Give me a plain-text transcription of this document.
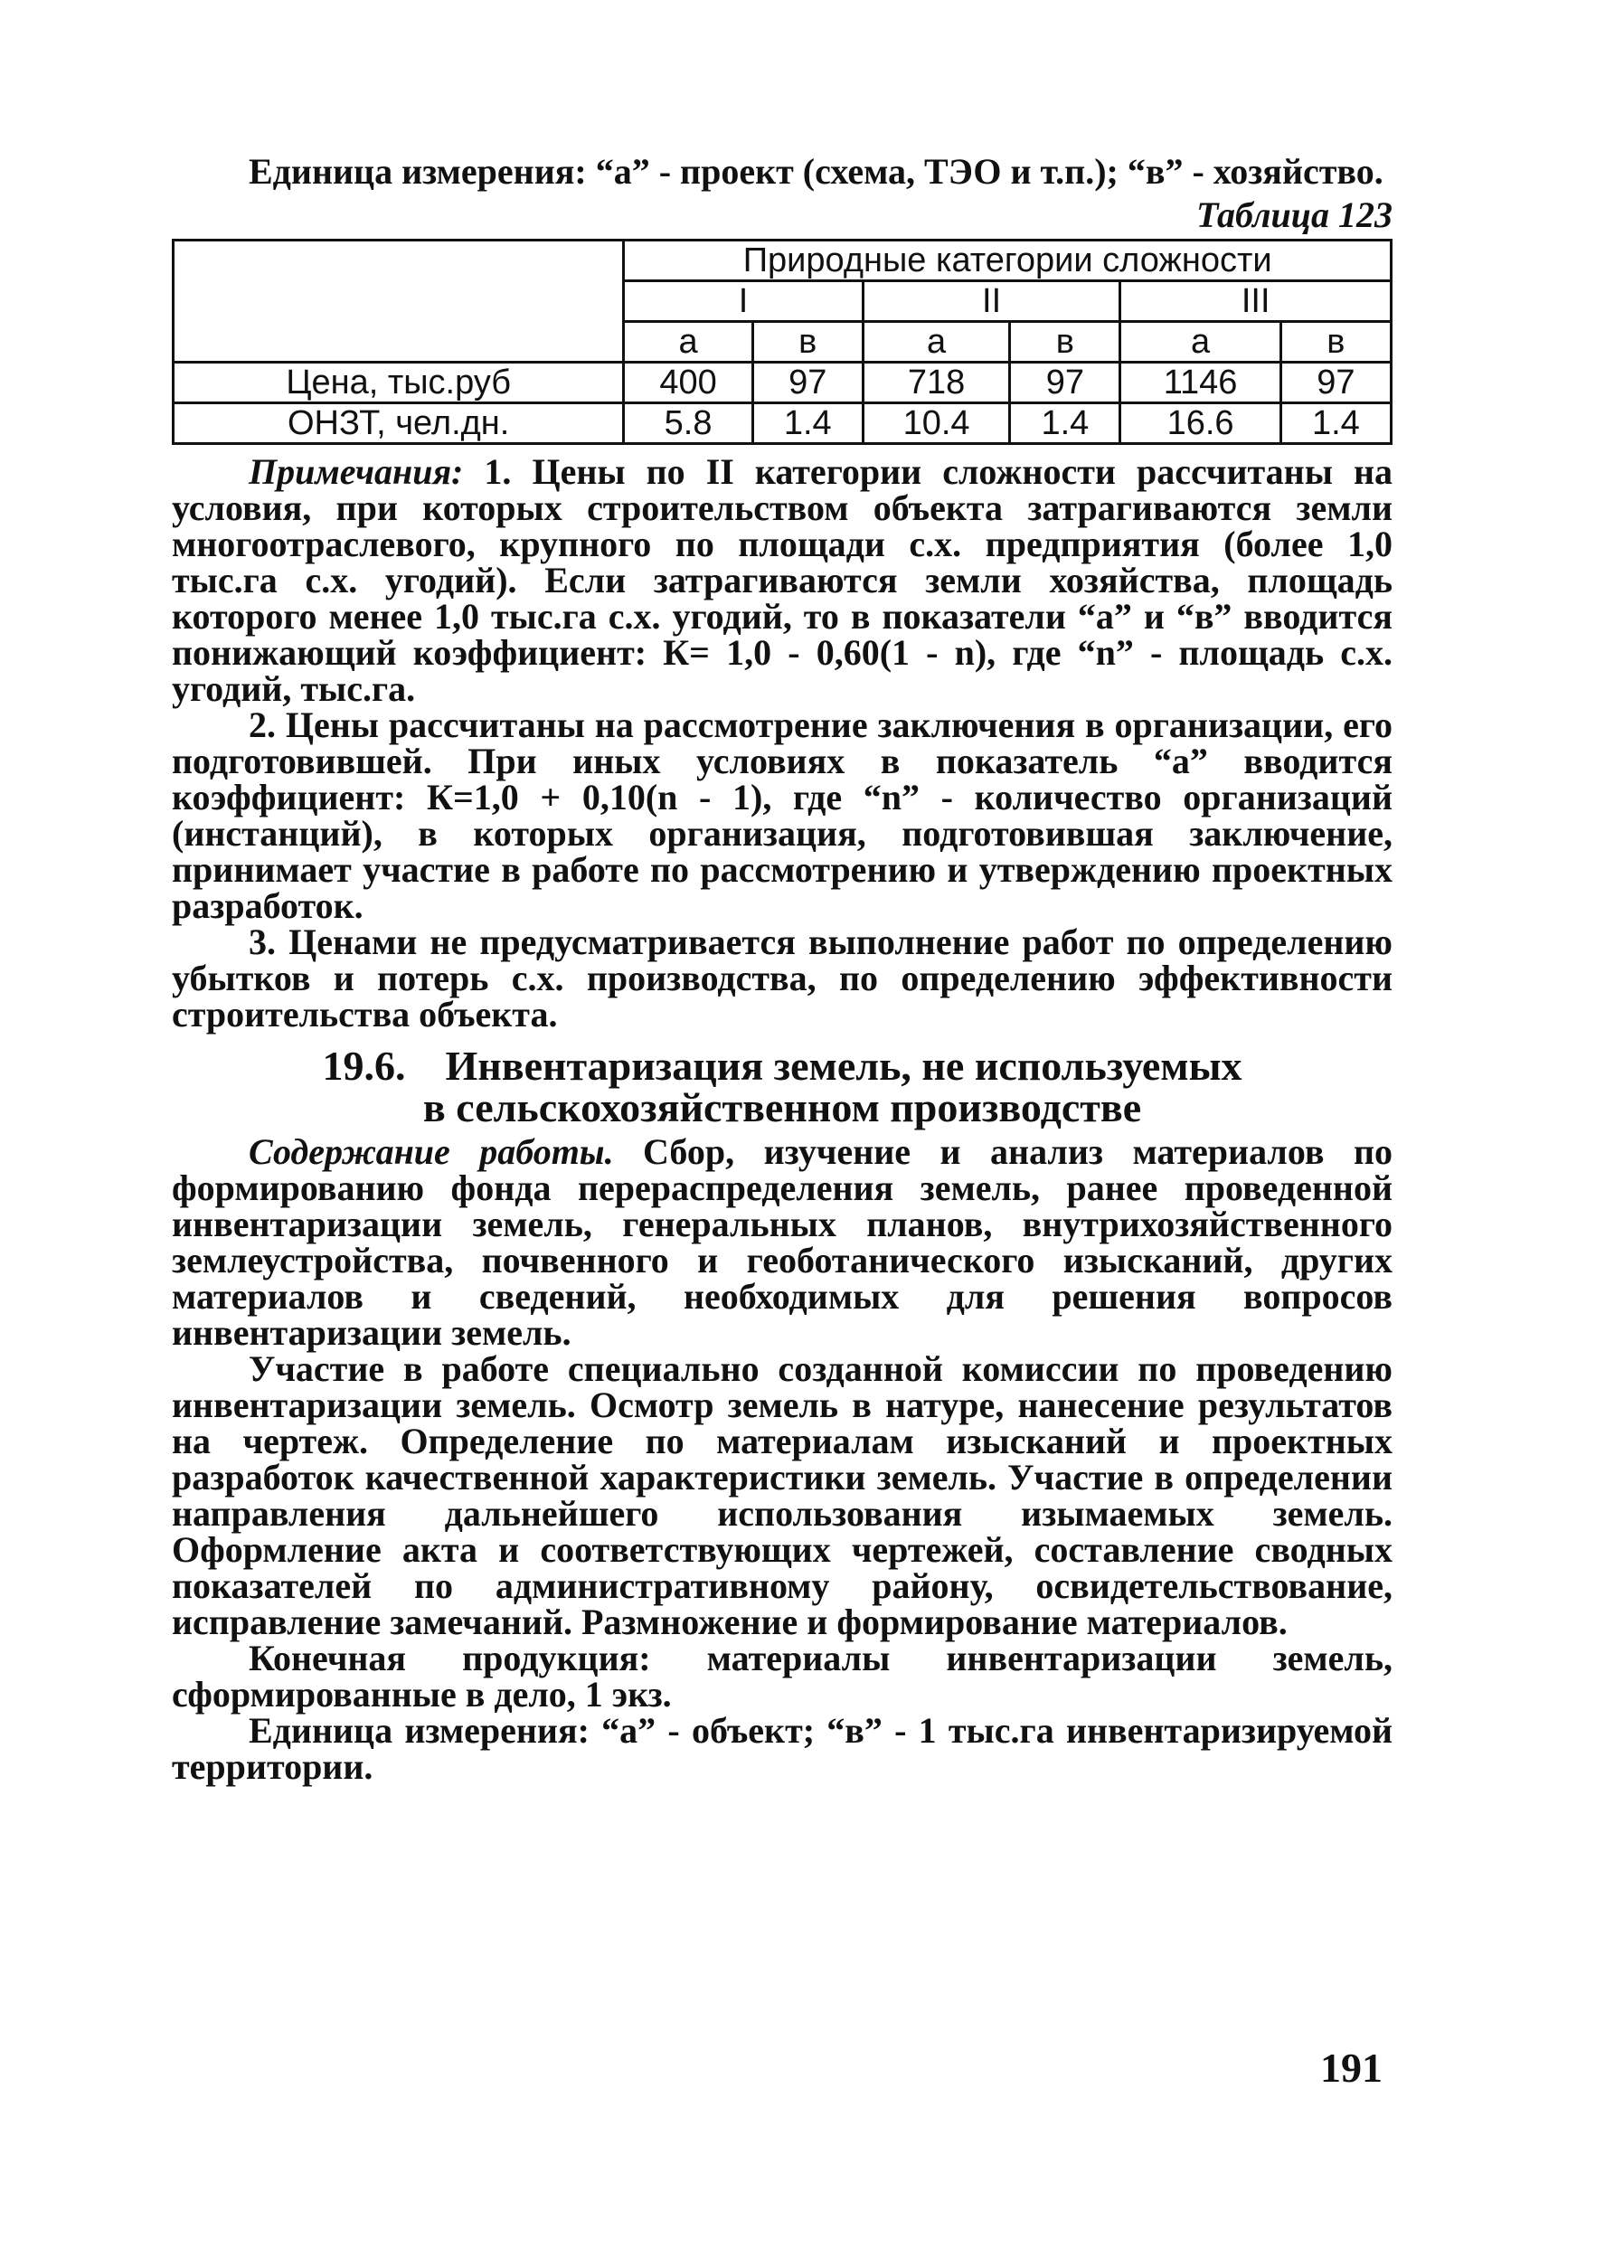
Единица измерения: “а” - проект (схема, ТЭО и т.п.); “в” - хозяйство.

Таблица 123
	Природные категории сложности					
	I		II		III	
	а	в	а	в	а	в
Цена, тыс.руб	400	97	718	97	1146	97
ОНЗТ, чел.дн.	5.8	1.4	10.4	1.4	16.6	1.4

Примечания: 1. Цены по II категории сложности рассчитаны на условия, при которых строительством объекта затрагиваются земли многоотраслевого, крупного по площади с.х. предприятия (более 1,0 тыс.га с.х. угодий). Если затрагиваются земли хозяйства, площадь которого менее 1,0 тыс.га с.х. угодий, то в показатели “а” и “в” вводится понижающий коэффициент: К= 1,0 - 0,60(1 - n), где “n” - площадь с.х. угодий, тыс.га.

2. Цены рассчитаны на рассмотрение заключения в организации, его подготовившей. При иных условиях в показатель “а” вводится коэффициент: К=1,0 + 0,10(n - 1), где “n” - количество организаций (инстанций), в которых организация, подготовившая заключение, принимает участие в работе по рассмотрению и утверждению проектных разработок.

3. Ценами не предусматривается выполнение работ по определению убытков и потерь с.х. производства, по определению эффективности строительства объекта.

19.6. Инвентаризация земель, не используемых
в сельскохозяйственном производстве

Содержание работы. Сбор, изучение и анализ материалов по формированию фонда перераспределения земель, ранее проведенной инвентаризации земель, генеральных планов, внутрихозяйственного землеустройства, почвенного и геоботанического изысканий, других материалов и сведений, необходимых для решения вопросов инвентаризации земель.

Участие в работе специально созданной комиссии по проведению инвентаризации земель. Осмотр земель в натуре, нанесение результатов на чертеж. Определение по материалам изысканий и проектных разработок качественной характеристики земель. Участие в определении направления дальнейшего использования изымаемых земель. Оформление акта и соответствующих чертежей, составление сводных показателей по административному району, освидетельствование, исправление замечаний. Размножение и формирование материалов.

Конечная продукция: материалы инвентаризации земель, сформированные в дело, 1 экз.

Единица измерения: “а” - объект; “в” - 1 тыс.га инвентаризируемой территории.

191
